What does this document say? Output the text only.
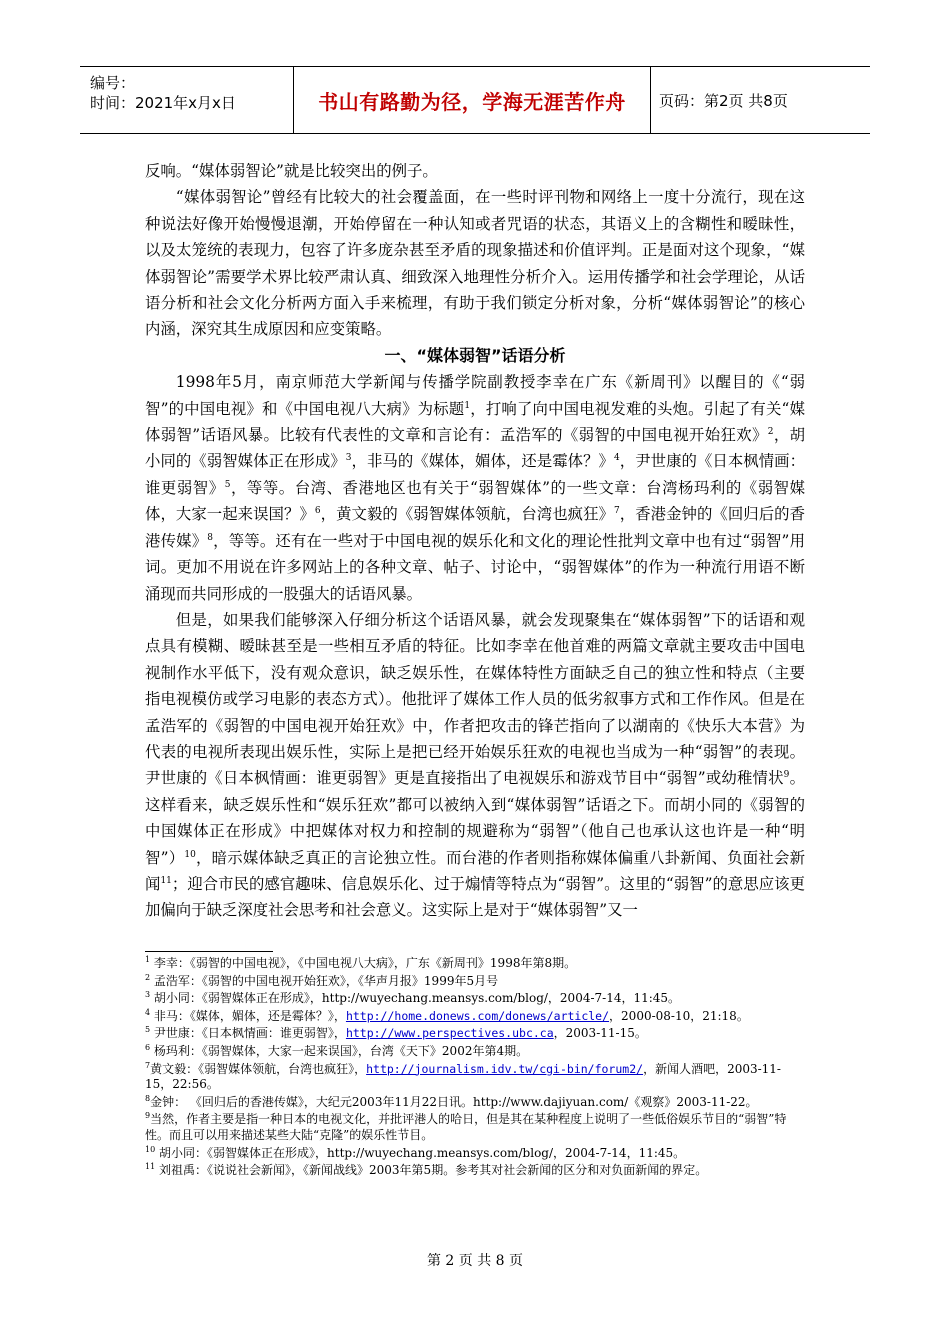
编号：
时间：2021年x月x日	书山有路勤为径，学海无涯苦作舟	页码：第2页 共8页

反响。“媒体弱智论”就是比较突出的例子。

“媒体弱智论”曾经有比较大的社会覆盖面，在一些时评刊物和网络上一度十分流行，现在这种说法好像开始慢慢退潮，开始停留在一种认知或者咒语的状态，其语义上的含糊性和暧昧性，以及太笼统的表现力，包容了许多庞杂甚至矛盾的现象描述和价值评判。正是面对这个现象，“媒体弱智论”需要学术界比较严肃认真、细致深入地理性分析介入。运用传播学和社会学理论，从话语分析和社会文化分析两方面入手来梳理，有助于我们锁定分析对象，分析“媒体弱智论”的核心内涵，深究其生成原因和应变策略。

一、“媒体弱智”话语分析

1998年5月，南京师范大学新闻与传播学院副教授李幸在广东《新周刊》以醒目的《“弱智”的中国电视》和《中国电视八大病》为标题$^1$，打响了向中国电视发难的头炮。引起了有关“媒体弱智”话语风暴。比较有代表性的文章和言论有：孟浩军的《弱智的中国电视开始狂欢》$^2$，胡小同的《弱智媒体正在形成》$^3$，非马的《媒体，媚体，还是霉体？》$^4$，尹世康的《日本枫情画：谁更弱智》$^5$，等等。台湾、香港地区也有关于“弱智媒体”的一些文章：台湾杨玛利的《弱智媒体，大家一起来误国？》$^6$，黄文毅的《弱智媒体领航，台湾也疯狂》$^7$，香港金钟的《回归后的香港传媒》$^8$，等等。还有在一些对于中国电视的娱乐化和文化的理论性批判文章中也有过“弱智”用词。更加不用说在许多网站上的各种文章、帖子、讨论中，“弱智媒体”的作为一种流行用语不断涌现而共同形成的一股强大的话语风暴。

但是，如果我们能够深入仔细分析这个话语风暴，就会发现聚集在“媒体弱智”下的话语和观点具有模糊、暧昧甚至是一些相互矛盾的特征。比如李幸在他首难的两篇文章就主要攻击中国电视制作水平低下，没有观众意识，缺乏娱乐性，在媒体特性方面缺乏自己的独立性和特点（主要指电视模仿或学习电影的表态方式）。他批评了媒体工作人员的低劣叙事方式和工作作风。但是在孟浩军的《弱智的中国电视开始狂欢》中，作者把攻击的锋芒指向了以湖南的《快乐大本营》为代表的电视所表现出娱乐性，实际上是把已经开始娱乐狂欢的电视也当成为一种“弱智”的表现。尹世康的《日本枫情画：谁更弱智》更是直接指出了电视娱乐和游戏节目中“弱智”或幼稚情状$^9$。这样看来，缺乏娱乐性和“娱乐狂欢”都可以被纳入到“媒体弱智”话语之下。而胡小同的《弱智的中国媒体正在形成》中把媒体对权力和控制的规避称为“弱智”（他自己也承认这也许是一种“明智”）$^{10}$，暗示媒体缺乏真正的言论独立性。而台港的作者则指称媒体偏重八卦新闻、负面社会新闻$^{11}$；迎合市民的感官趣味、信息娱乐化、过于煽情等特点为“弱智”。这里的“弱智”的意思应该更加偏向于缺乏深度社会思考和社会意义。这实际上是对于“媒体弱智”又一

$^1$ 李幸：《弱智的中国电视》，《中国电视八大病》，广东《新周刊》1998年第8期。

$^2$ 孟浩军：《弱智的中国电视开始狂欢》，《华声月报》1999年5月号

$^3$ 胡小同：《弱智媒体正在形成》，http://wuyechang.meansys.com/blog/，2004-7-14，11:45。

$^4$ 非马：《媒体，媚体，还是霉体？》，http://home.donews.com/donews/article/，2000-08-10，21:18。

$^5$ 尹世康：《日本枫情画：谁更弱智》，http://www.perspectives.ubc.ca，2003-11-15。

$^6$ 杨玛利：《弱智媒体，大家一起来误国》，台湾《天下》2002年第4期。

$^7$黄文毅：《弱智媒体领航，台湾也疯狂》，http://journalism.idv.tw/cgi-bin/forum2/，新闻人酒吧，2003-11-15，22:56。

$^8$金钟： 《回归后的香港传媒》，大纪元2003年11月22日讯。http://www.dajiyuan.com/《观察》2003-11-22。

$^9$当然，作者主要是指一种日本的电视文化，并批评港人的哈日，但是其在某种程度上说明了一些低俗娱乐节目的“弱智”特性。而且可以用来描述某些大陆“克隆”的娱乐性节目。

$^{10}$ 胡小同：《弱智媒体正在形成》，http://wuyechang.meansys.com/blog/，2004-7-14，11:45。

$^{11}$ 刘祖禹：《说说社会新闻》，《新闻战线》2003年第5期。参考其对社会新闻的区分和对负面新闻的界定。

第 2 页 共 8 页
